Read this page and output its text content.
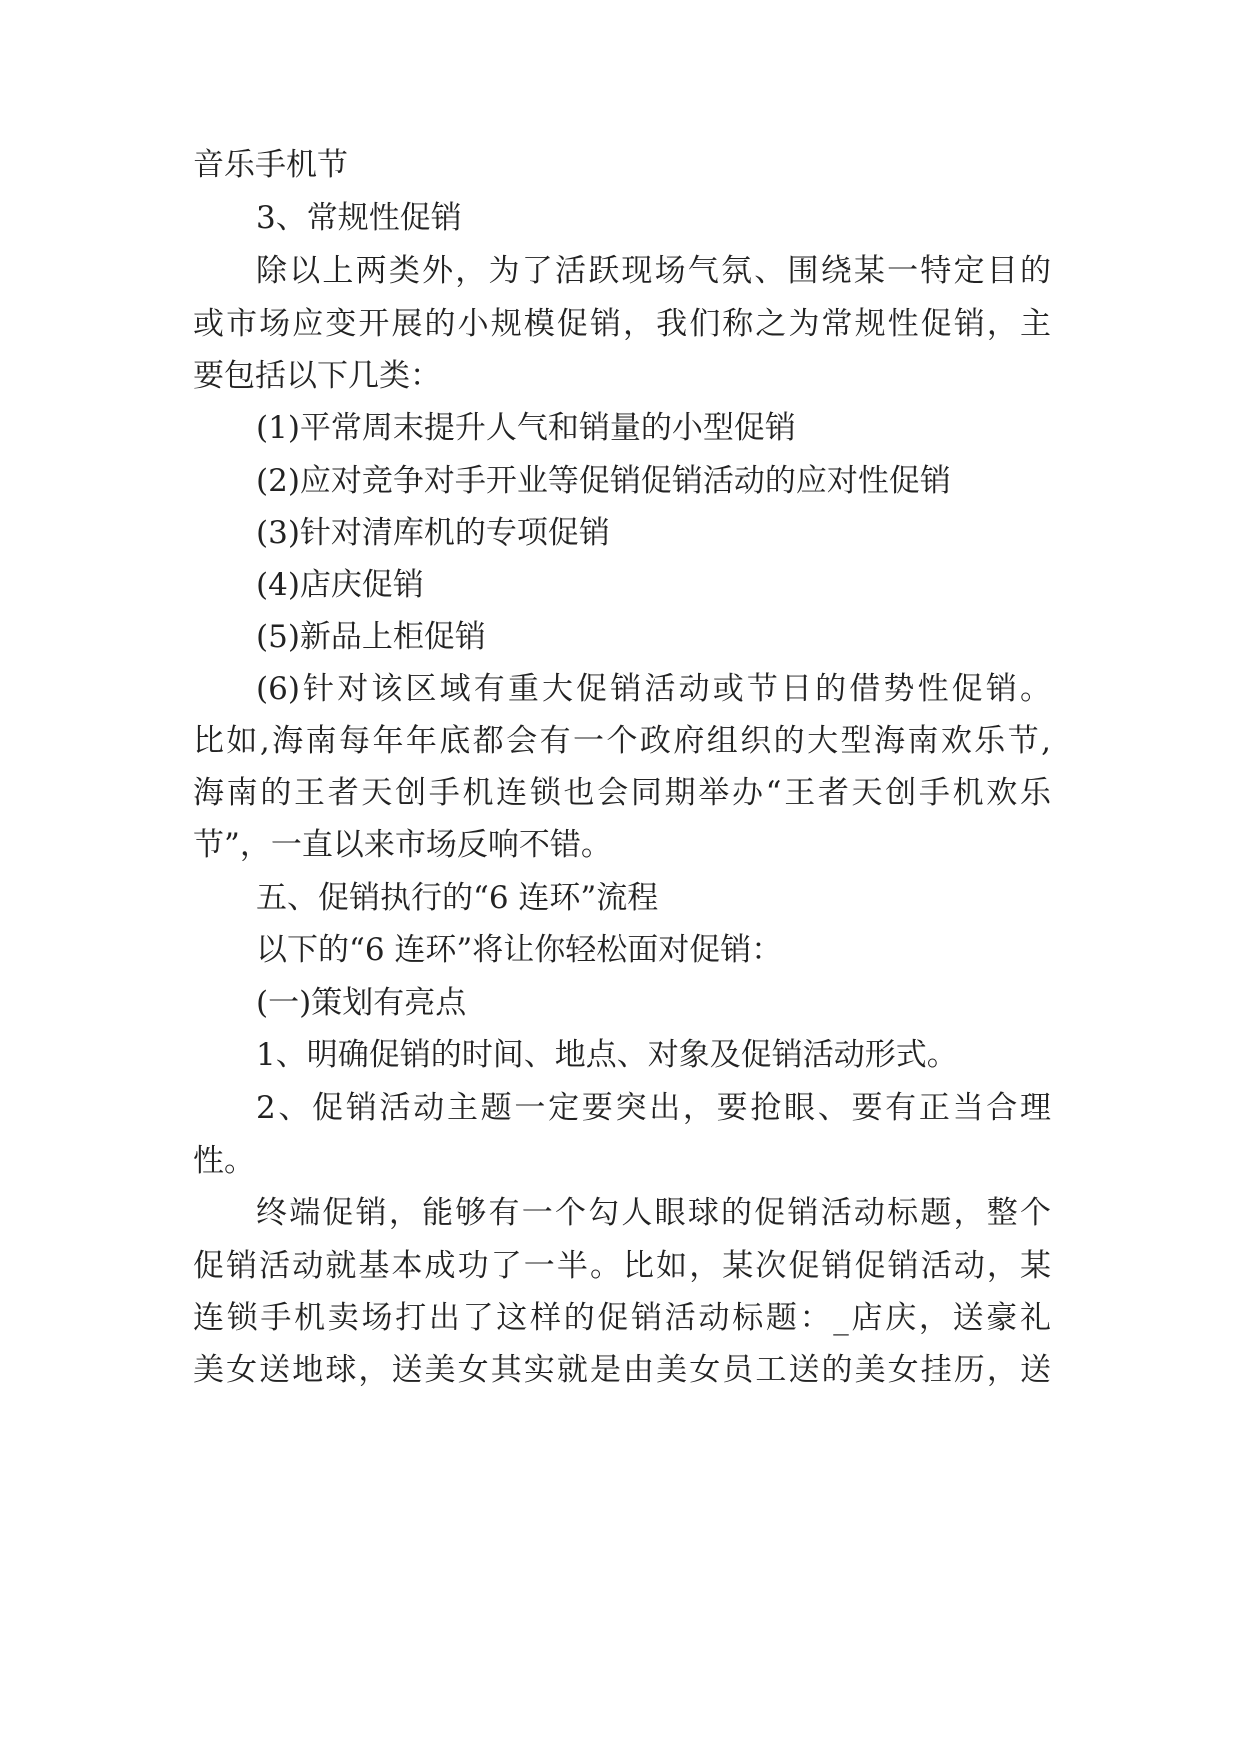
音乐手机节

3、常规性促销

除以上两类外，为了活跃现场气氛、围绕某一特定目的

或市场应变开展的小规模促销，我们称之为常规性促销，主

要包括以下几类：

(1)平常周末提升人气和销量的小型促销

(2)应对竞争对手开业等促销促销活动的应对性促销

(3)针对清库机的专项促销

(4)店庆促销

(5)新品上柜促销

(6)针对该区域有重大促销活动或节日的借势性促销。

比如,海南每年年底都会有一个政府组织的大型海南欢乐节,

海南的王者天创手机连锁也会同期举办“王者天创手机欢乐

节”，一直以来市场反响不错。

五、促销执行的“6 连环”流程

以下的“6 连环”将让你轻松面对促销：

(一)策划有亮点

1、明确促销的时间、地点、对象及促销活动形式。

2、促销活动主题一定要突出，要抢眼、要有正当合理

性。

终端促销，能够有一个勾人眼球的促销活动标题，整个

促销活动就基本成功了一半。比如，某次促销促销活动，某

连锁手机卖场打出了这样的促销活动标题：_店庆，送豪礼

美女送地球，送美女其实就是由美女员工送的美女挂历，送
